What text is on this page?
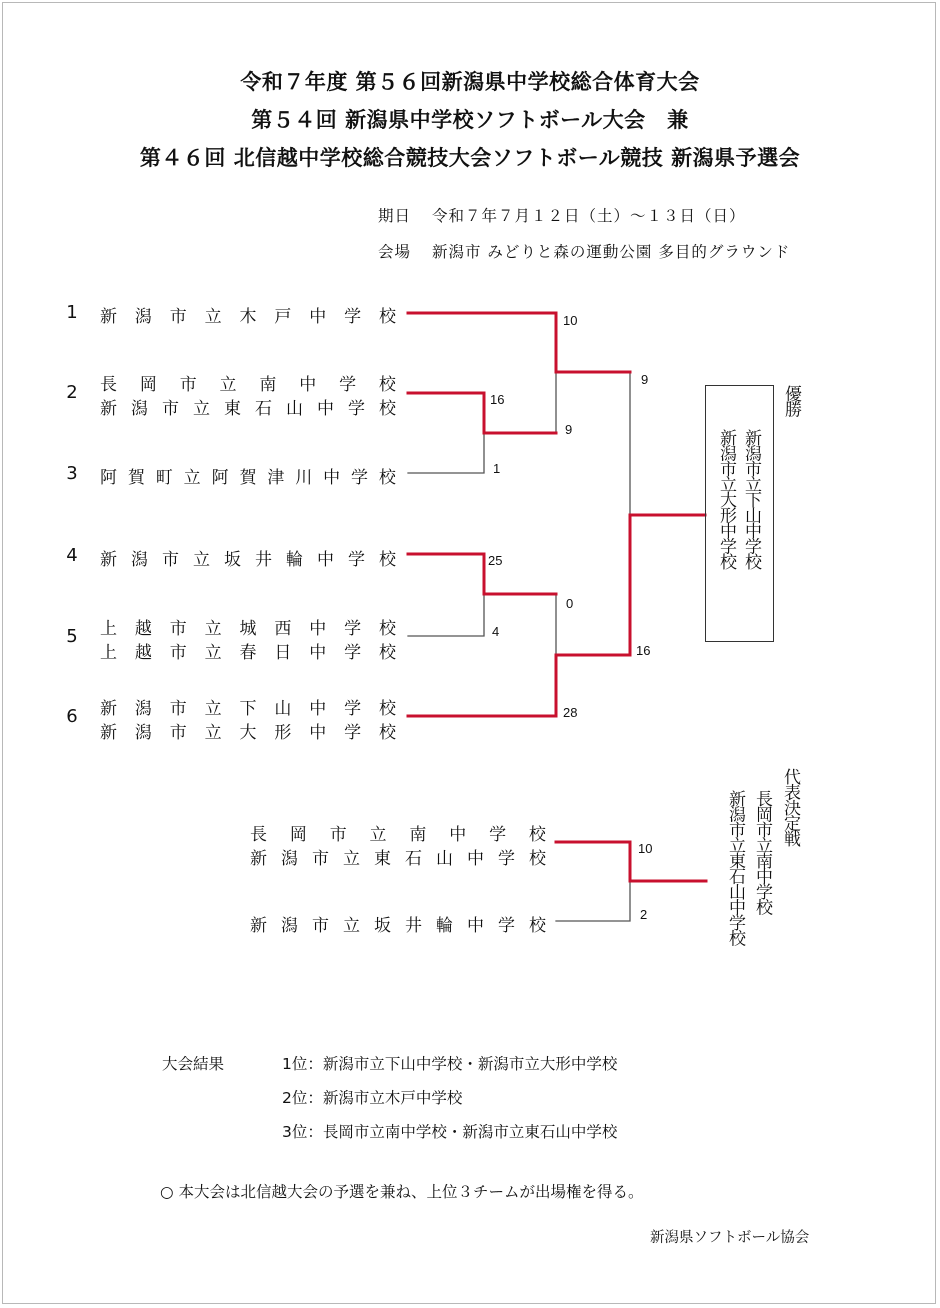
令和７年度 第５６回新潟県中学校総合体育大会
第５４回 新潟県中学校ソフトボール大会　兼
第４６回 北信越中学校総合競技大会ソフトボール競技 新潟県予選会
期日 令和７年７月１２日（土）～１３日（日）
会場 新潟市 みどりと森の運動公園 多目的グラウンド
1
2
3
4
5
6
新 潟 市 立 木 戸 中 学 校
長 岡 市 立 南 中 学 校
新 潟 市 立 東 石 山 中 学 校
阿 賀 町 立 阿 賀 津 川 中 学 校
新 潟 市 立 坂 井 輪 中 学 校
上 越 市 立 城 西 中 学 校
上 越 市 立 春 日 中 学 校
新 潟 市 立 下 山 中 学 校
新 潟 市 立 大 形 中 学 校
10
16
9
1
9
25
0
4
16
28
新潟市立下山中学校
新潟市立大形中学校
優勝
長 岡 市 立 南 中 学 校
新 潟 市 立 東 石 山 中 学 校
新 潟 市 立 坂 井 輪 中 学 校
10
2
代表決定戦
長岡市立南中学校
新潟市立東石山中学校
大会結果	1位：新潟市立下山中学校・新潟市立大形中学校
2位：新潟市立木戸中学校
3位：長岡市立南中学校・新潟市立東石山中学校
○ 本大会は北信越大会の予選を兼ね、上位３チームが出場権を得る。
新潟県ソフトボール協会
